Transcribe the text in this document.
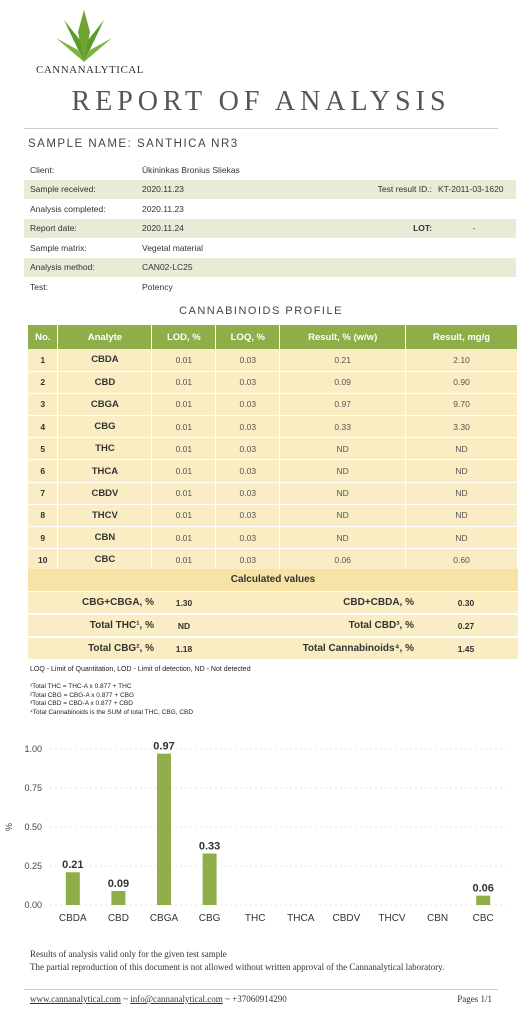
CANNANALYTICAL
REPORT OF ANALYSIS
SAMPLE NAME: SANTHICA NR3
Client:	Ūkininkas Bronius Sliekas
Sample received:	2020.11.23	Test result ID.: KT-2011-03-1620
Analysis completed:	2020.11.23
Report date:	2020.11.24	LOT:	-
Sample matrix:	Vegetal material
Analysis method:	CAN02-LC25
Test:	Potency
CANNABINOIDS PROFILE
No.	Analyte	LOD, %	LOQ, %	Result, % (w/w)	Result, mg/g
1	CBDA	0.01	0.03	0.21	2.10
2	CBD	0.01	0.03	0.09	0.90
3	CBGA	0.01	0.03	0.97	9.70
4	CBG	0.01	0.03	0.33	3.30
5	THC	0.01	0.03	ND	ND
6	THCA	0.01	0.03	ND	ND
7	CBDV	0.01	0.03	ND	ND
8	THCV	0.01	0.03	ND	ND
9	CBN	0.01	0.03	ND	ND
10	CBC	0.01	0.03	0.06	0.60
Calculated values
CBG+CBGA, %	1.30	CBD+CBDA, %	0.30
Total THC¹, %	ND	Total CBD³, %	0.27
Total CBG², %	1.18	Total Cannabinoids⁴, %	1.45
LOQ - Limit of Quantitation, LOD - Limit of detection, ND - Not detected
¹Total THC = THC-A x 0.877 + THC
²Total CBG = CBG-A x 0.877 + CBG
³Total CBD = CBD-A x 0.877 + CBD
⁴Total Cannabinoids is the SUM of total THC, CBG, CBD
0.00
0.25
0.50
0.75
1.00
%
0.21
CBDA
0.09
CBD
0.97
CBGA
0.33
CBG THC THCA CBDV THCV CBN
0.06
CBC
Results of analysis valid only for the given test sample
The partial reproduction of this document is not allowed without written approval of the Cannanalytical laboratory.
www.cannanalytical.com ~ info@cannanalytical.com ~ +37060914290	Pages 1/1
